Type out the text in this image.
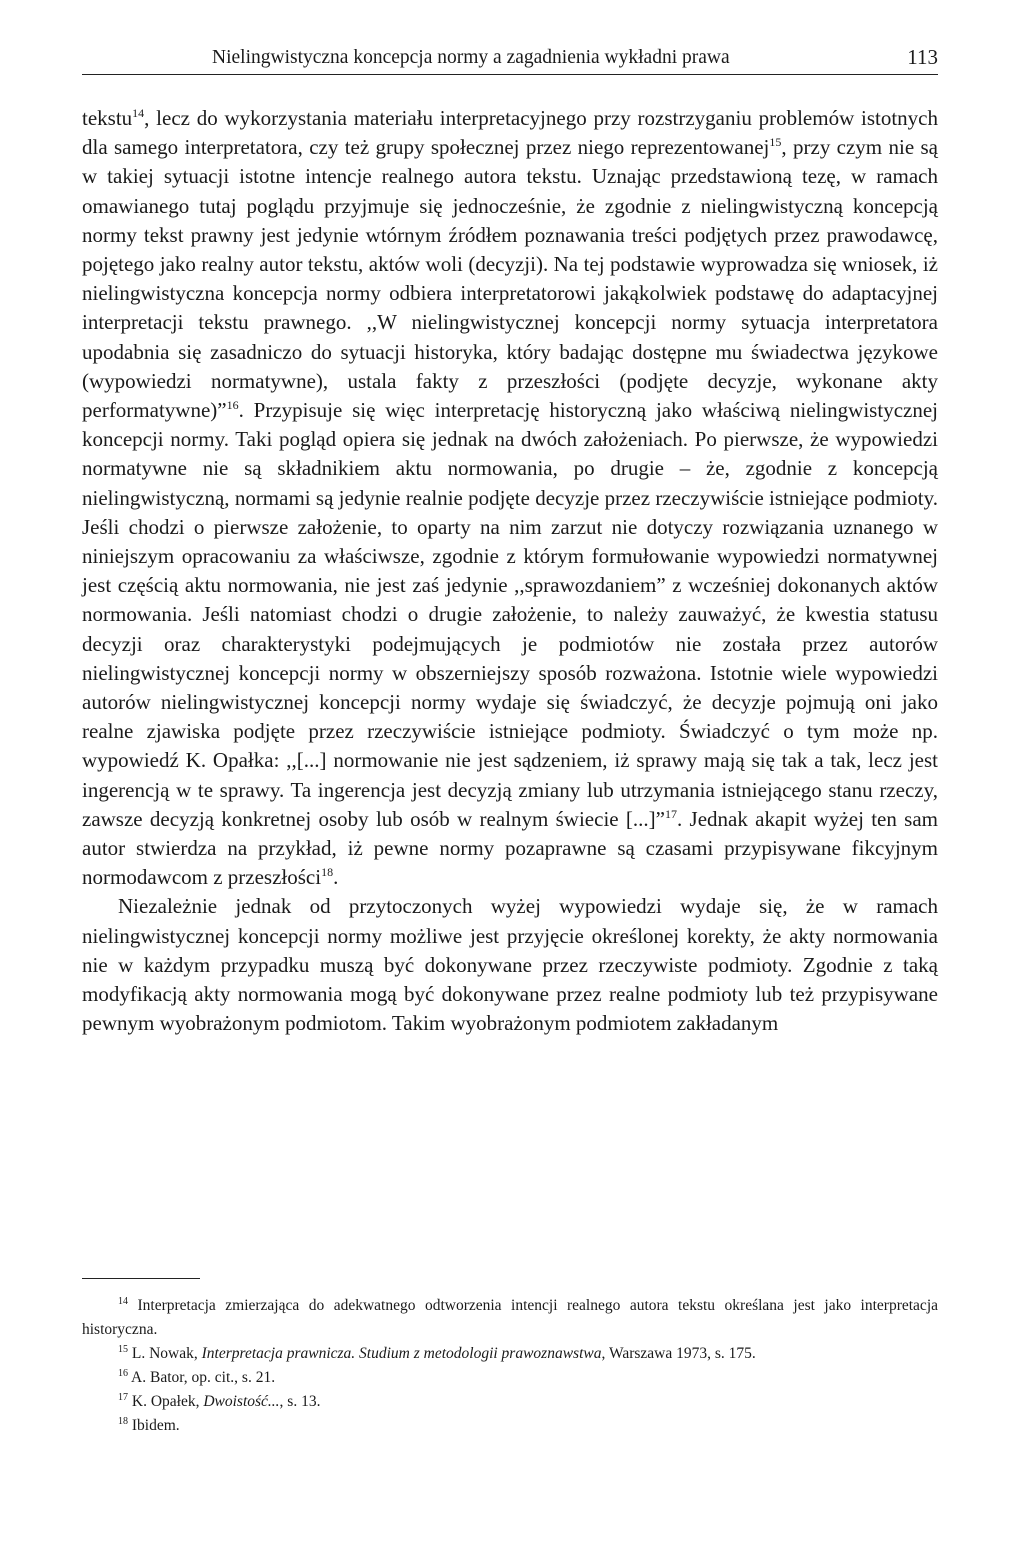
Nielingwistyczna koncepcja normy a zagadnienia wykładni prawa	113

tekstu$^{14}$, lecz do wykorzystania materiału interpretacyjnego przy rozstrzyganiu problemów istotnych dla samego interpretatora, czy też grupy społecznej przez niego reprezentowanej$^{15}$, przy czym nie są w takiej sytuacji istotne intencje realnego autora tekstu. Uznając przedstawioną tezę, w ramach omawianego tutaj poglądu przyjmuje się jednocześnie, że zgodnie z nielingwistyczną koncepcją normy tekst prawny jest jedynie wtórnym źródłem poznawania treści podjętych przez prawodawcę, pojętego jako realny autor tekstu, aktów woli (decyzji). Na tej podstawie wyprowadza się wniosek, iż nielingwistyczna koncepcja normy odbiera interpretatorowi jakąkolwiek podstawę do adaptacyjnej interpretacji tekstu prawnego. ,,W nielingwistycznej koncepcji normy sytuacja interpretatora upodabnia się zasadniczo do sytuacji historyka, który badając dostępne mu świadectwa językowe (wypowiedzi normatywne), ustala fakty z przeszłości (podjęte decyzje, wykonane akty performatywne)”$^{16}$. Przypisuje się więc interpretację historyczną jako właściwą nielingwistycznej koncepcji normy. Taki pogląd opiera się jednak na dwóch założeniach. Po pierwsze, że wypowiedzi normatywne nie są składnikiem aktu normowania, po drugie – że, zgodnie z koncepcją nielingwistyczną, normami są jedynie realnie podjęte decyzje przez rzeczywiście istniejące podmioty. Jeśli chodzi o pierwsze założenie, to oparty na nim zarzut nie dotyczy rozwiązania uznanego w niniejszym opracowaniu za właściwsze, zgodnie z którym formułowanie wypowiedzi normatywnej jest częścią aktu normowania, nie jest zaś jedynie ,,sprawozdaniem” z wcześniej dokonanych aktów normowania. Jeśli natomiast chodzi o drugie założenie, to należy zauważyć, że kwestia statusu decyzji oraz charakterystyki podejmujących je podmiotów nie została przez autorów nielingwistycznej koncepcji normy w obszerniejszy sposób rozważona. Istotnie wiele wypowiedzi autorów nielingwistycznej koncepcji normy wydaje się świadczyć, że decyzje pojmują oni jako realne zjawiska podjęte przez rzeczywiście istniejące podmioty. Świadczyć o tym może np. wypowiedź K. Opałka: ,,[...] normowanie nie jest sądzeniem, iż sprawy mają się tak a tak, lecz jest ingerencją w te sprawy. Ta ingerencja jest decyzją zmiany lub utrzymania istniejącego stanu rzeczy, zawsze decyzją konkretnej osoby lub osób w realnym świecie [...]”$^{17}$. Jednak akapit wyżej ten sam autor stwierdza na przykład, iż pewne normy pozaprawne są czasami przypisywane fikcyjnym normodawcom z przeszłości$^{18}$.

Niezależnie jednak od przytoczonych wyżej wypowiedzi wydaje się, że w ramach nielingwistycznej koncepcji normy możliwe jest przyjęcie określonej korekty, że akty normowania nie w każdym przypadku muszą być dokonywane przez rzeczywiste podmioty. Zgodnie z taką modyfikacją akty normowania mogą być dokonywane przez realne podmioty lub też przypisywane pewnym wyobrażonym podmiotom. Takim wyobrażonym podmiotem zakładanym

$^{14}$ Interpretacja zmierzająca do adekwatnego odtworzenia intencji realnego autora tekstu określana jest jako interpretacja historyczna.

$^{15}$ L. Nowak, Interpretacja prawnicza. Studium z metodologii prawoznawstwa, Warszawa 1973, s. 175.

$^{16}$ A. Bator, op. cit., s. 21.

$^{17}$ K. Opałek, Dwoistość..., s. 13.

$^{18}$ Ibidem.
